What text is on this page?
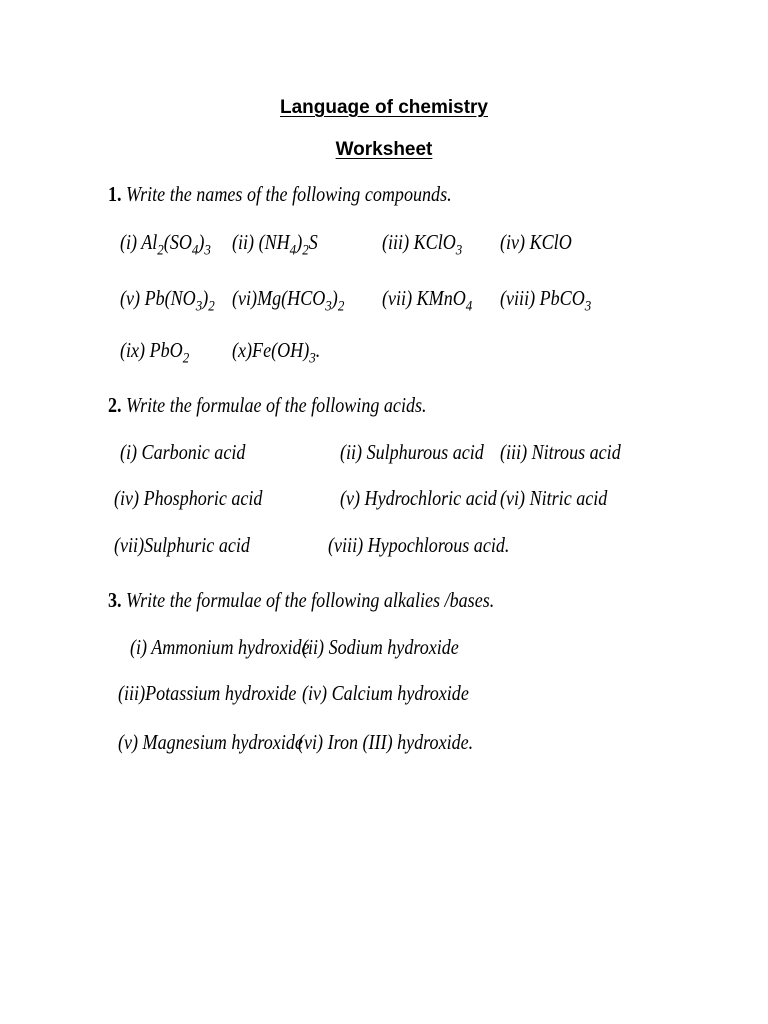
Language of chemistry
Worksheet
1. Write the names of the following compounds.
(i) $Al_2(SO_4)_3$ (ii) $(NH_4)_2S$	(iii) KClO$_3$ (iv) KClO
(v) $Pb(NO_3)_2$ $(vi)Mg(HCO_3)_2$ (vii) KMnO$_4$ (viii) PbCO$_3$
(ix) PbO$_2$ $(x)Fe(OH)_3$.
2. Write the formulae of the following acids.
(i) Carbonic acid	(ii) Sulphurous acid (iii) Nitrous acid
(iv) Phosphoric acid	(v) Hydrochloric acid (vi) Nitric acid
(vii)Sulphuric acid	(viii) Hypochlorous acid.
3. Write the formulae of the following alkalies /bases.
(i) Ammonium hydroxide
(ii) Sodium hydroxide
(iii)Potassium hydroxide (iv) Calcium hydroxide
(v) Magnesium hydroxide
(vi) Iron (III) hydroxide.
